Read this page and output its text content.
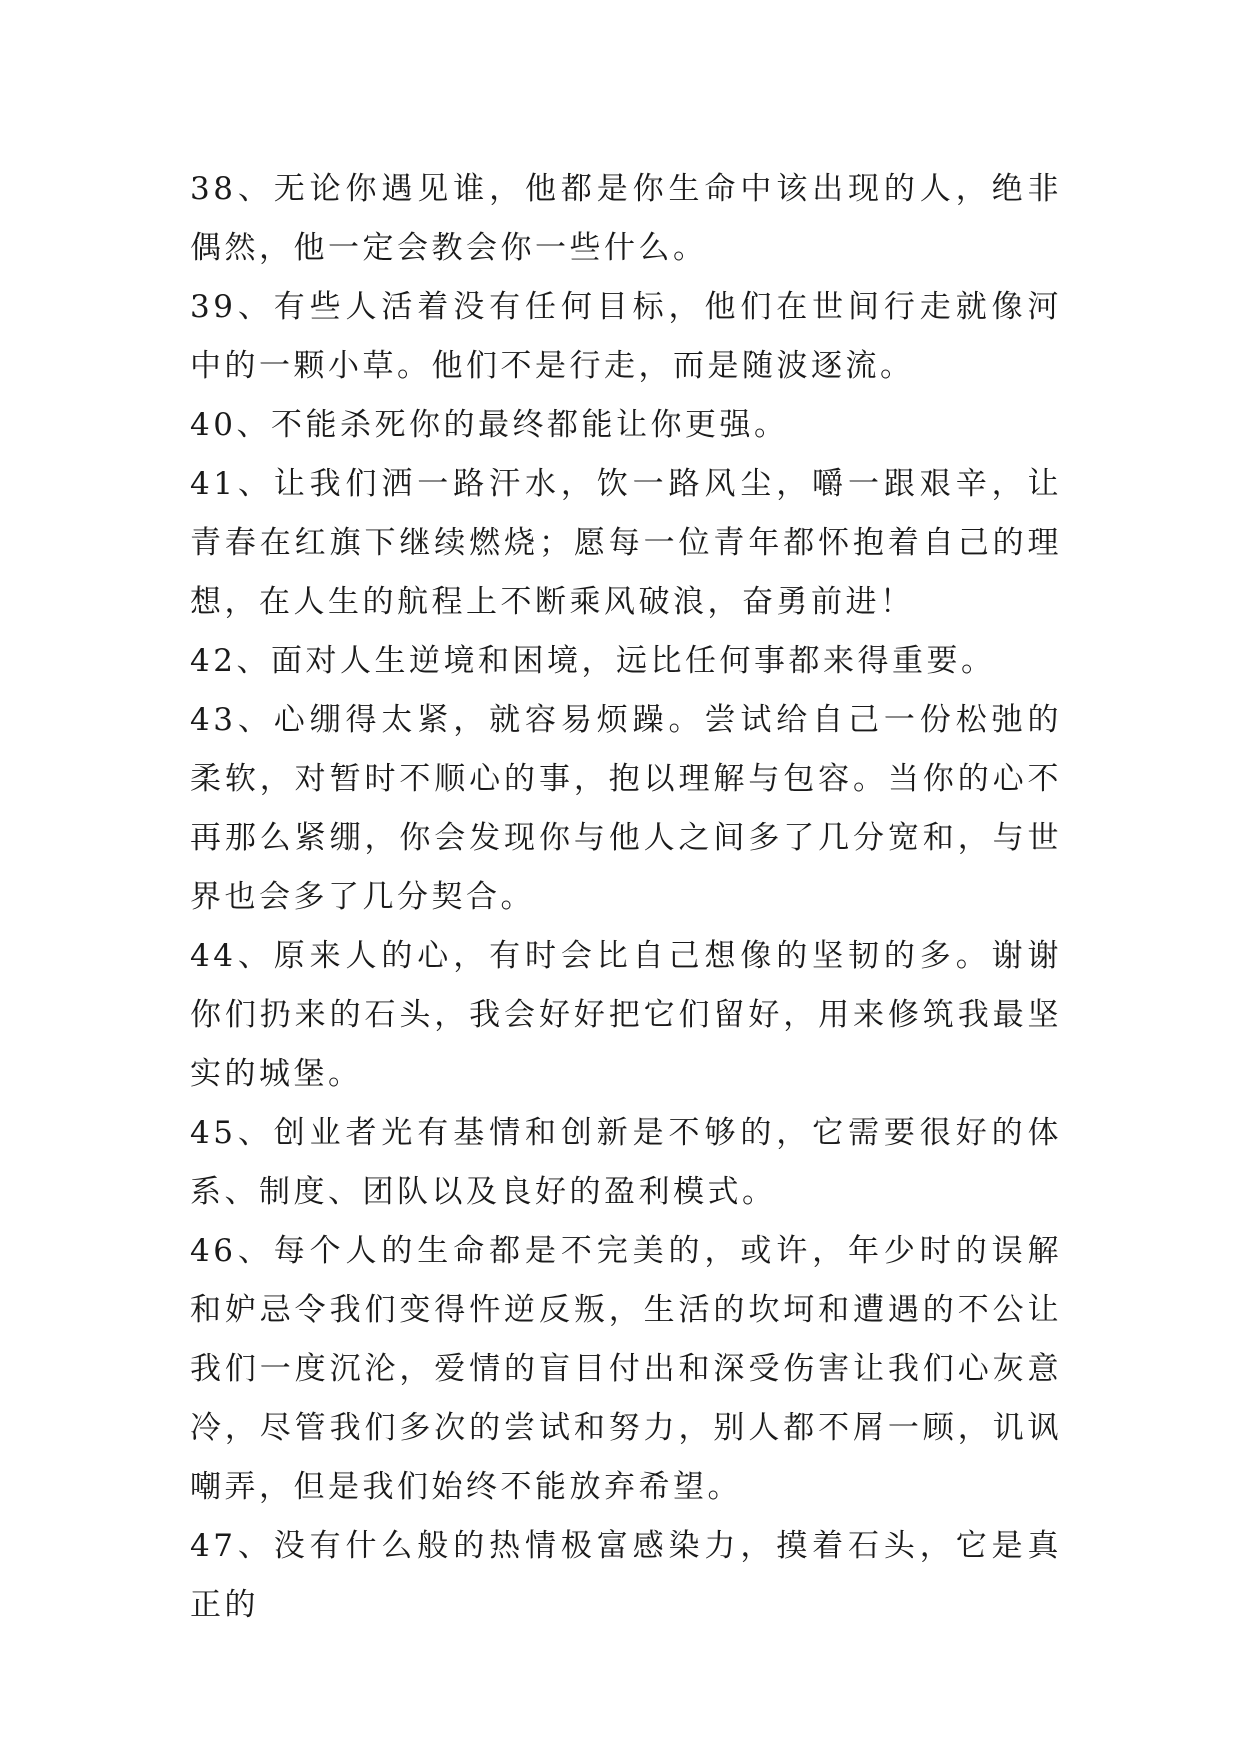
38、无论你遇见谁，他都是你生命中该出现的人，绝非偶然，他一定会教会你一些什么。

39、有些人活着没有任何目标，他们在世间行走就像河中的一颗小草。他们不是行走，而是随波逐流。

40、不能杀死你的最终都能让你更强。

41、让我们洒一路汗水，饮一路风尘，嚼一跟艰辛，让青春在红旗下继续燃烧；愿每一位青年都怀抱着自己的理想，在人生的航程上不断乘风破浪，奋勇前进！

42、面对人生逆境和困境，远比任何事都来得重要。

43、心绷得太紧，就容易烦躁。尝试给自己一份松弛的柔软，对暂时不顺心的事，抱以理解与包容。当你的心不再那么紧绷，你会发现你与他人之间多了几分宽和，与世界也会多了几分契合。

44、原来人的心，有时会比自己想像的坚韧的多。谢谢你们扔来的石头，我会好好把它们留好，用来修筑我最坚实的城堡。

45、创业者光有基情和创新是不够的，它需要很好的体系、制度、团队以及良好的盈利模式。

46、每个人的生命都是不完美的，或许，年少时的误解和妒忌令我们变得忤逆反叛，生活的坎坷和遭遇的不公让我们一度沉沦，爱情的盲目付出和深受伤害让我们心灰意冷，尽管我们多次的尝试和努力，别人都不屑一顾，讥讽嘲弄，但是我们始终不能放弃希望。

47、没有什么般的热情极富感染力，摸着石头，它是真正的
